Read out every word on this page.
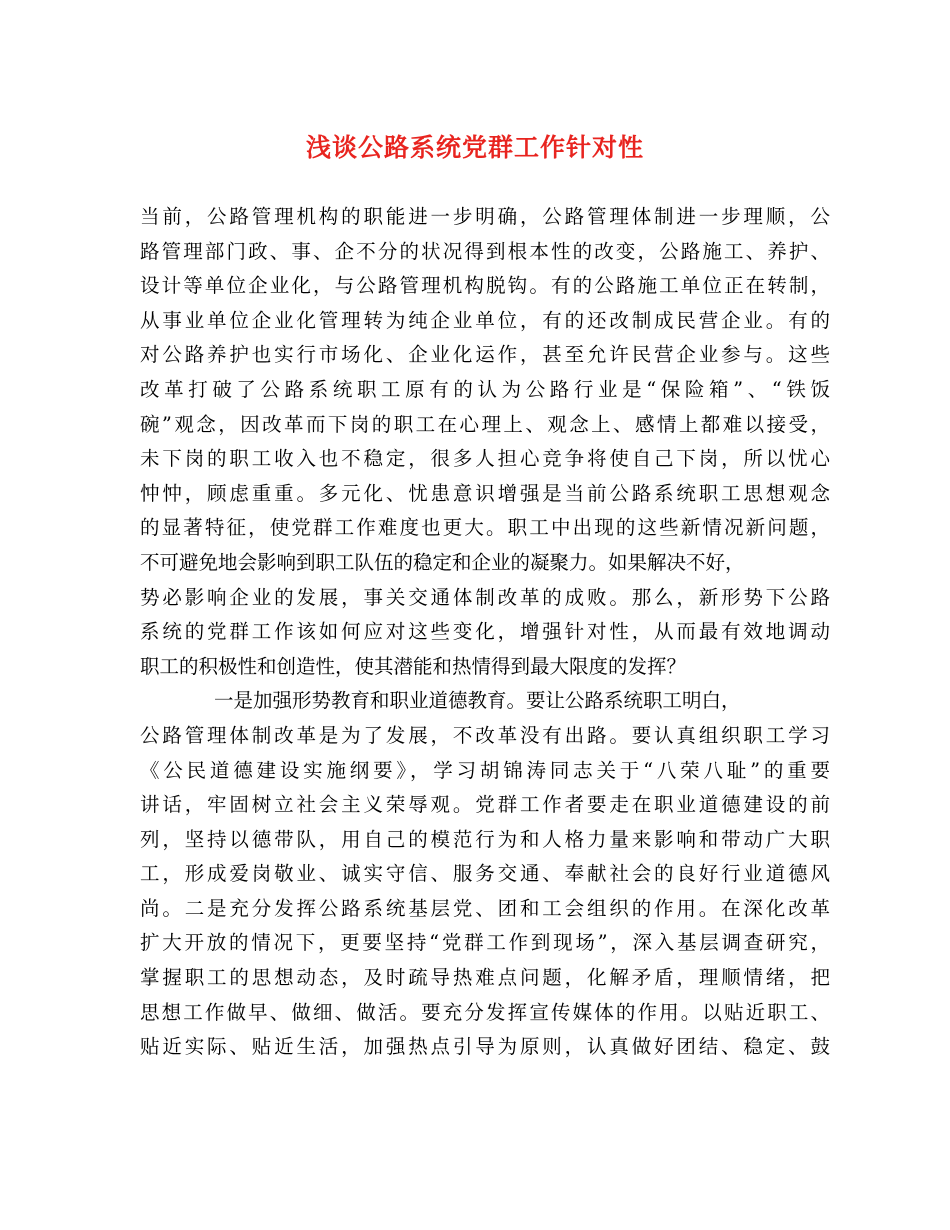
浅谈公路系统党群工作针对性
当前，公路管理机构的职能进一步明确，公路管理体制进一步理顺，公
路管理部门政、事、企不分的状况得到根本性的改变，公路施工、养护、
设计等单位企业化，与公路管理机构脱钩。有的公路施工单位正在转制，
从事业单位企业化管理转为纯企业单位，有的还改制成民营企业。有的
对公路养护也实行市场化、企业化运作，甚至允许民营企业参与。这些
改革打破了公路系统职工原有的认为公路行业是“保险箱”、“铁饭
碗”观念，因改革而下岗的职工在心理上、观念上、感情上都难以接受，
未下岗的职工收入也不稳定，很多人担心竞争将使自己下岗，所以忧心
忡忡，顾虑重重。多元化、忧患意识增强是当前公路系统职工思想观念
的显著特征，使党群工作难度也更大。职工中出现的这些新情况新问题，
不可避免地会影响到职工队伍的稳定和企业的凝聚力。如果解决不好，
势必影响企业的发展，事关交通体制改革的成败。那么，新形势下公路
系统的党群工作该如何应对这些变化，增强针对性，从而最有效地调动
职工的积极性和创造性，使其潜能和热情得到最大限度的发挥？
一是加强形势教育和职业道德教育。要让公路系统职工明白，
公路管理体制改革是为了发展，不改革没有出路。要认真组织职工学习
《公民道德建设实施纲要》，学习胡锦涛同志关于“八荣八耻”的重要
讲话，牢固树立社会主义荣辱观。党群工作者要走在职业道德建设的前
列，坚持以德带队，用自己的模范行为和人格力量来影响和带动广大职
工，形成爱岗敬业、诚实守信、服务交通、奉献社会的良好行业道德风
尚。二是充分发挥公路系统基层党、团和工会组织的作用。在深化改革
扩大开放的情况下，更要坚持“党群工作到现场”，深入基层调查研究，
掌握职工的思想动态，及时疏导热难点问题，化解矛盾，理顺情绪，把
思想工作做早、做细、做活。要充分发挥宣传媒体的作用。以贴近职工、
贴近实际、贴近生活，加强热点引导为原则，认真做好团结、稳定、鼓
